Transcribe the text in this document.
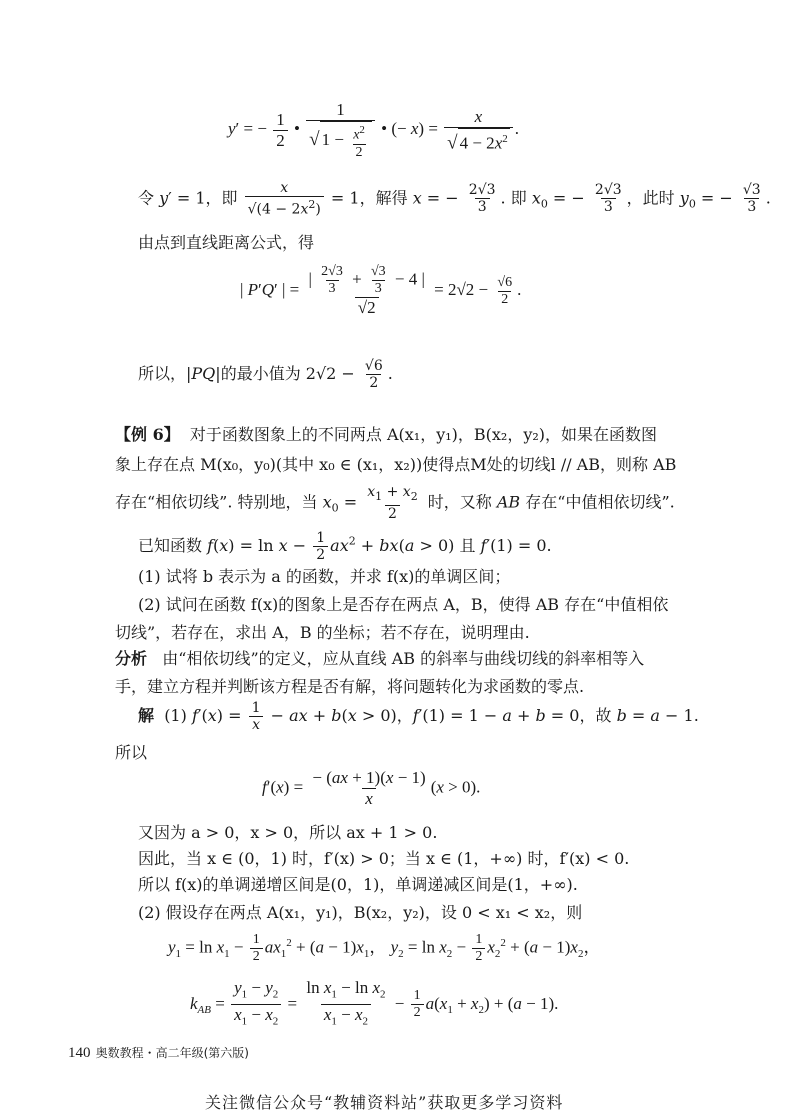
y′ = − $\frac{1}{2}$ • $\frac{1}{√ 1 - \frac{x^2}{2}}$ • (− $x) = \frac{x}{√ 4 - 2x^2}$ .
令 y′ = 1，即 $\frac{x}{√(4 - 2x^2)} = 1$，解得 x = − $\frac{2√3}{3}$ . 即 $x_0$ = − $\frac{2√3}{3}$ ，此时 $y_0$ = − $\frac{√3}{3}$ .
由点到直线距离公式，得
| P′Q′ | = $\frac{| \frac{2√3}{3} + \frac{√3}{3} - 4 |}{√2} = 2√2 - \frac{√6}{2}$ .
所以，|PQ|的最小值为 $2√2 - \frac{√6}{2}$ .
【例 6】 对于函数图象上的不同两点 A(x₁，y₁)，B(x₂，y₂)，如果在函数图
象上存在点 M(x₀，y₀)(其中 x₀ ∈ (x₁，x₂))使得点M处的切线l // AB，则称 AB
存在“相依切线”. 特别地，当 $x_0 = \frac{x_1 + x_2}{2}$ 时，又称 AB 存在“中值相依切线”.
已知函数 $f(x) = \ln x - \frac{1}{2} ax^2 + bx(a > 0)$ 且 f′(1) = 0.
(1) 试将 b 表示为 a 的函数，并求 f(x)的单调区间；
(2) 试问在函数 f(x)的图象上是否存在两点 A，B，使得 AB 存在“中值相依
切线”，若存在，求出 A，B 的坐标；若不存在，说明理由.
分析 由“相依切线”的定义，应从直线 AB 的斜率与曲线切线的斜率相等入
手，建立方程并判断该方程是否有解，将问题转化为求函数的零点.
解  (1) $f'(x) = \frac{1}{x}$ − ax + b(x > 0)，f′(1) = 1 − a + b = 0，故 b = a − 1.
所以
$f'(x) = \frac{- (ax + 1)(x - 1)}{x} (x > 0)$.
又因为 a > 0，x > 0，所以 ax + 1 > 0.
因此，当 x ∈ (0，1) 时，f′(x) > 0；当 x ∈ (1，+∞) 时，f′(x) < 0.
所以 f(x)的单调递增区间是(0，1)，单调递减区间是(1，+∞).
(2) 假设存在两点 A(x₁，y₁)，B(x₂，y₂)，设 0 < x₁ < x₂，则
$y_1 = \ln x_1 - \frac{1}{2} ax_1^2 + (a - 1)x_1$， $y_2 = \ln x_2 - \frac{1}{2} x_2^2 + (a - 1)x_2$，
$k_{AB} = \frac{y_1 - y_2}{x_1 - x_2} = \frac{\ln x_1 - \ln x_2}{x_1 - x_2} - \frac{1}{2} a(x_1 + x_2) + (a - 1)$.
140 奥数教程・高二年级(第六版)
关注微信公众号“教辅资料站”获取更多学习资料
